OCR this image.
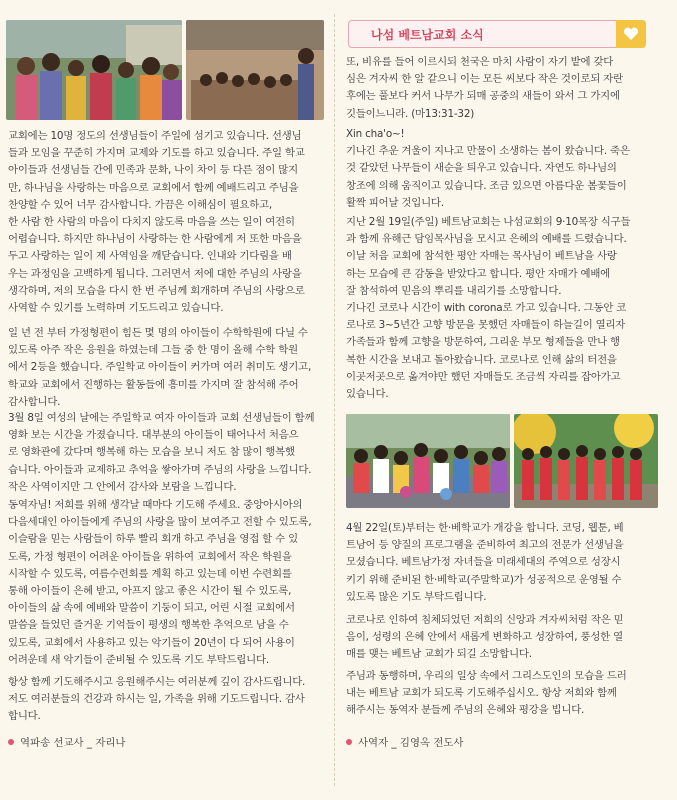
교회에는 10명 정도의 선생님들이 주일에 섬기고 있습니다. 선생님
들과 모임을 꾸준히 가지며 교제와 기도를 하고 있습니다. 주일 학교
아이들과 선생님들 간에 민족과 문화, 나이 차이 등 다른 점이 많지
만, 하나님을 사랑하는 마음으로 교회에서 함께 예배드리고 주님을
찬양할 수 있어 너무 감사합니다. 가끔은 이해심이 필요하고,
한 사람 한 사람의 마음이 다치지 않도록 마음을 쓰는 일이 여전히
어렵습니다. 하지만 하나님이 사랑하는 한 사람에게 저 또한 마음을
두고 사랑하는 일이 제 사역임을 깨닫습니다. 인내와 기다림을 배
우는 과정임을 고백하게 됩니다. 그러면서 저에 대한 주님의 사랑을
생각하며, 저의 모습을 다시 한 번 주님께 회개하며 주님의 사랑으로
사역할 수 있기를 노력하며 기도드리고 있습니다.

일 년 전 부터 가정형편이 힘든 몇 명의 아이들이 수학학원에 다닐 수
있도록 아주 작은 응원을 하였는데 그들 중 한 명이 올해 수학 학원
에서 2등을 했습니다. 주일학교 아이들이 커가며 여러 취미도 생기고,
학교와 교회에서 진행하는 활동들에 흥미를 가지며 잘 참석해 주어
감사합니다.

3월 8일 여성의 날에는 주일학교 여자 아이들과 교회 선생님들이 함께
영화 보는 시간을 가졌습니다. 대부분의 아이들이 태어나서 처음으
로 영화관에 갔다며 행복해 하는 모습을 보니 저도 참 많이 행복했
습니다. 아이들과 교제하고 추억을 쌓아가며 주님의 사랑을 느낍니다.
작은 사역이지만 그 안에서 감사와 보람을 느낍니다.

동역자님! 저희를 위해 생각날 때마다 기도해 주세요. 중앙아시아의
다음세대인 아이들에게 주님의 사랑을 많이 보여주고 전할 수 있도록,
이슬람을 믿는 사람들이 하루 빨리 회개 하고 주님을 영접 할 수 있
도록, 가정 형편이 어려운 아이들을 위하여 교회에서 작은 학원을
시작할 수 있도록, 여름수련회를 계획 하고 있는데 이번 수련회를
통해 아이들이 은혜 받고, 아프지 않고 좋은 시간이 될 수 있도록,
아이들의 삶 속에 예배와 말씀이 기둥이 되고, 어린 시절 교회에서
말씀을 들었던 즐거운 기억들이 평생의 행복한 추억으로 남을 수
있도록, 교회에서 사용하고 있는 악기들이 20년이 다 되어 사용이
어려운데 새 악기들이 준비될 수 있도록 기도 부탁드립니다.

항상 함께 기도해주시고 응원해주시는 여러분께 깊이 감사드립니다.
저도 여러분들의 건강과 하시는 일, 가족을 위해 기도드립니다. 감사
합니다.

역파송 선교사 _ 자리나
나섬 베트남교회 소식

또, 비유를 들어 이르시되 천국은 마치 사람이 자기 밭에 갖다
심은 겨자씨 한 알 같으니 이는 모든 씨보다 작은 것이로되 자란
후에는 풀보다 커서 나무가 되매 공중의 새들이 와서 그 가지에
깃들이느니라. (마13:31-32)

Xin cha'o~!
기나긴 추운 겨울이 지나고 만물이 소생하는 봄이 왔습니다. 죽은
것 같았던 나무들이 새순을 틔우고 있습니다. 자연도 하나님의
창조에 의해 움직이고 있습니다. 조금 있으면 아름다운 봄꽃들이
활짝 피어날 것입니다.

지난 2월 19일(주일) 베트남교회는 나섬교회의 9·10목장 식구들
과 함께 유해근 담임목사님을 모시고 은혜의 예배를 드렸습니다.
이날 처음 교회에 참석한 평안 자매는 목사님이 베트남을 사랑
하는 모습에 큰 감동을 받았다고 합니다. 평안 자매가 예배에
잘 참석하여 믿음의 뿌리를 내리기를 소망합니다.

기나긴 코로나 시간이 with corona로 가고 있습니다. 그동안 코
로나로 3~5년간 고향 방문을 못했던 자매들이 하늘길이 열리자
가족들과 함께 고향을 방문하여, 그리운 부모 형제들을 만나 행
복한 시간을 보내고 돌아왔습니다. 코로나로 인해 삶의 터전을
이곳저곳으로 옮겨야만 했던 자매들도 조금씩 자리를 잡아가고
있습니다.

4월 22일(토)부터는 한·베학교가 개강을 합니다. 코딩, 웹툰, 베
트남어 등 양질의 프로그램을 준비하여 최고의 전문가 선생님을
모셨습니다. 베트남가정 자녀들을 미래세대의 주역으로 성장시
키기 위해 준비된 한·베학교(주말학교)가 성공적으로 운영될 수
있도록 많은 기도 부탁드립니다.

코로나로 인하여 침체되었던 저희의 신앙과 겨자씨처럼 작은 믿
음이, 성령의 은혜 안에서 새롭게 변화하고 성장하여, 풍성한 열
매를 맺는 베트남 교회가 되길 소망합니다.

주님과 동행하며, 우리의 일상 속에서 그리스도인의 모습을 드러
내는 베트남 교회가 되도록 기도해주십시오. 항상 저희와 함께
해주시는 동역자 분들께 주님의 은혜와 평강을 빕니다.

사역자 _ 김영옥 전도사
